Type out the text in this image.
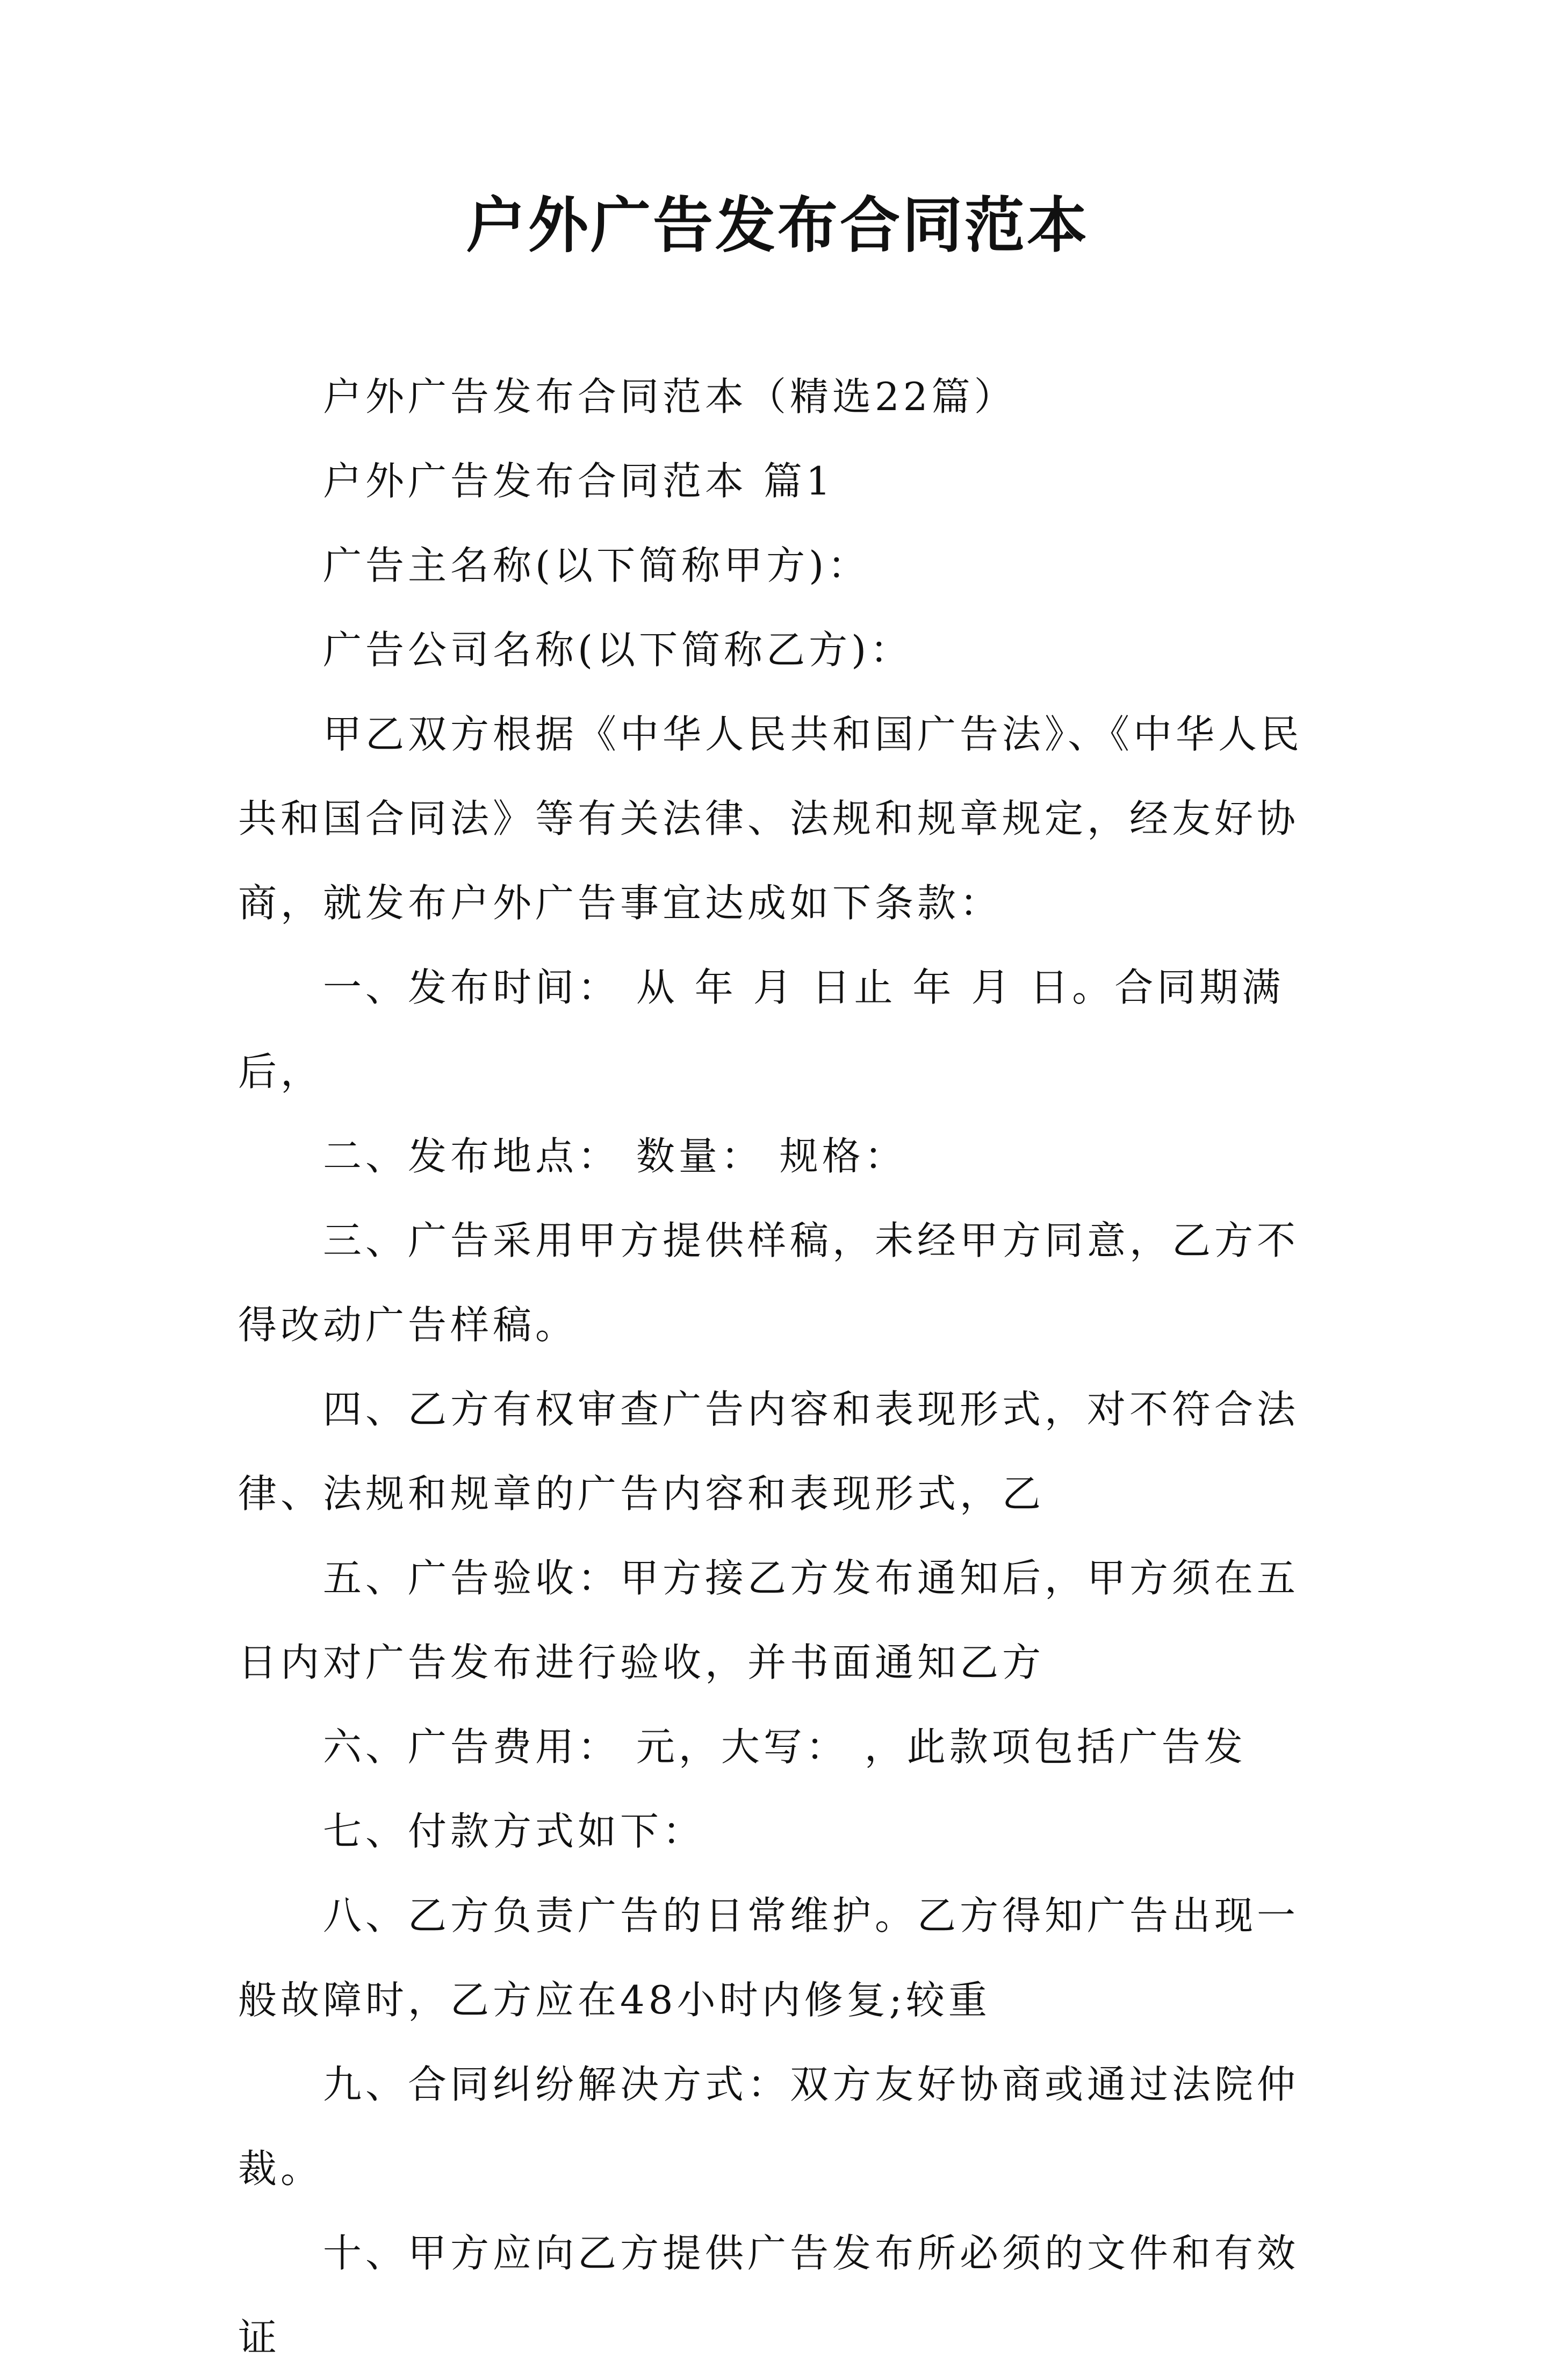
户外广告发布合同范本

户外广告发布合同范本（精选22篇）

户外广告发布合同范本 篇1

广告主名称(以下简称甲方)：

广告公司名称(以下简称乙方)：

甲乙双方根据《中华人民共和国广告法》、《中华人民共和国合同法》等有关法律、法规和规章规定，经友好协商，就发布户外广告事宜达成如下条款：

一、发布时间： 从 年 月 日止 年 月 日。合同期满后，

二、发布地点： 数量： 规格：

三、广告采用甲方提供样稿，未经甲方同意，乙方不得改动广告样稿。

四、乙方有权审查广告内容和表现形式，对不符合法律、法规和规章的广告内容和表现形式，乙

五、广告验收：甲方接乙方发布通知后，甲方须在五日内对广告发布进行验收，并书面通知乙方

六、广告费用： 元，大写： ，此款项包括广告发

七、付款方式如下：

八、乙方负责广告的日常维护。乙方得知广告出现一般故障时，乙方应在48小时内修复;较重

九、合同纠纷解决方式：双方友好协商或通过法院仲裁。

十、甲方应向乙方提供广告发布所必须的文件和有效证
